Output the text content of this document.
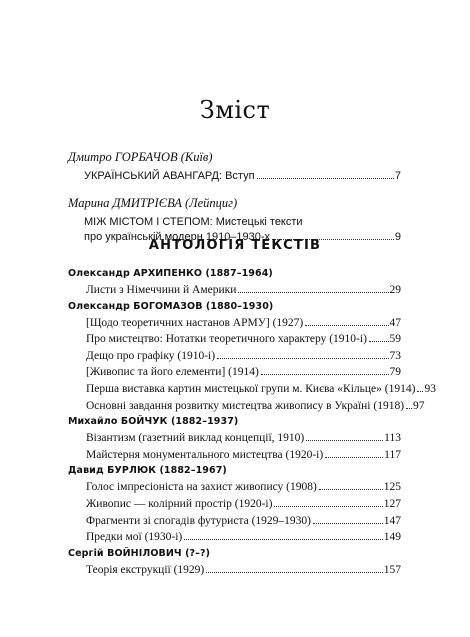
Зміст
Дмитро ГОРБАЧОВ (Київ)
УКРАЇНСЬКИЙ АВАНГАРД: Вступ	7
Марина ДМИТРІЄВА (Лейпциг)
МІЖ МІСТОМ І СТЕПОМ: Мистецькі тексти
про українській модерн 1910–1930-х	9
АНТОЛОГІЯ ТЕКСТІВ
Олександр АРХИПЕНКО (1887–1964)
Листи з Німеччини й Америки	29
Олександр БОГОМАЗОВ (1880–1930)
[Щодо теоретичних настанов АРМУ] (1927)	47
Про мистецтво: Нотатки теоретичного характеру (1910-і) 59
Дещо про графіку (1910-і)	73
[Живопис та його елементи] (1914)	79
Перша виставка картин мистецької групи м. Києва «Кільце» (1914) 93
Основні завдання розвитку мистецтва живопису в Україні (1918) 97
Михайло БОЙЧУК (1882–1937)
Візантизм (газетний виклад концепції, 1910)	113
Майстерня монументального мистецтва (1920-і)	117
Давид БУРЛЮК (1882–1967)
Голос імпресіоніста на захист живопису (1908)	125
Живопис — колірний простір (1920-і)	127
Фрагменти зі спогадів футуриста (1929–1930)	147
Предки мої (1930-і)	149
Сергій ВОЙНІЛОВИЧ (?–?)
Теорія екструкції (1929)	157
